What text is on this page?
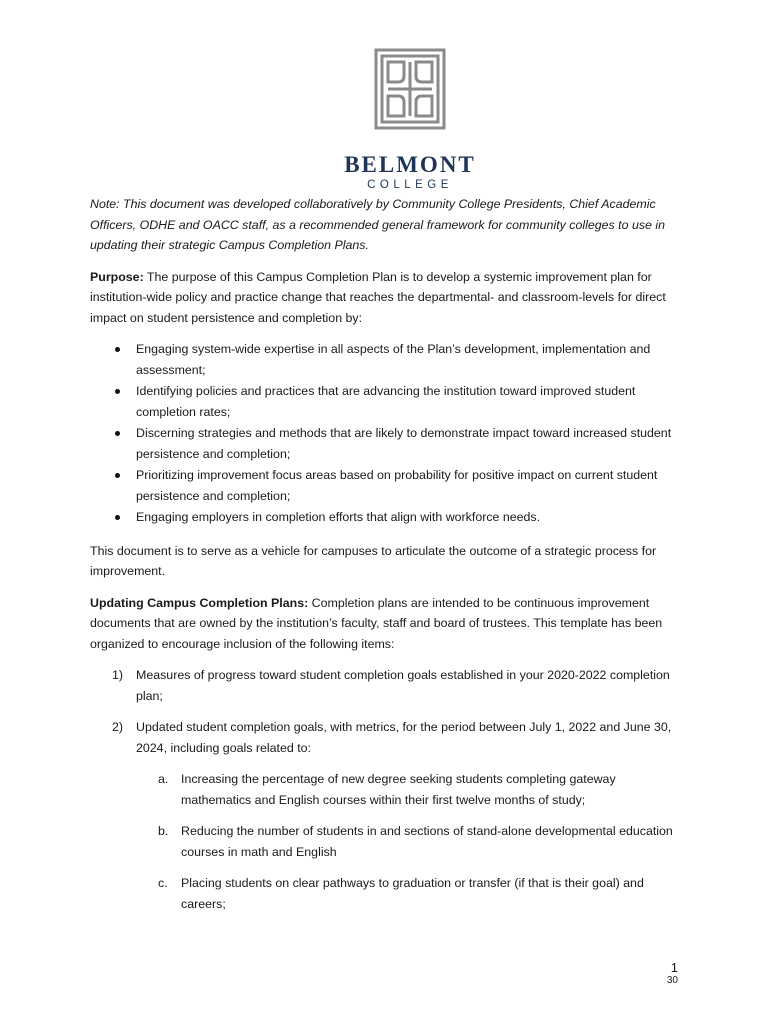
BELMONT
COLLEGE

Note: This document was developed collaboratively by Community College Presidents, Chief Academic Officers, ODHE and OACC staff, as a recommended general framework for community colleges to use in updating their strategic Campus Completion Plans.

Purpose: The purpose of this Campus Completion Plan is to develop a systemic improvement plan for institution-wide policy and practice change that reaches the departmental- and classroom-levels for direct impact on student persistence and completion by:

Engaging system-wide expertise in all aspects of the Plan’s development, implementation and assessment;
Identifying policies and practices that are advancing the institution toward improved student completion rates;
Discerning strategies and methods that are likely to demonstrate impact toward increased student persistence and completion;
Prioritizing improvement focus areas based on probability for positive impact on current student persistence and completion;
Engaging employers in completion efforts that align with workforce needs.

This document is to serve as a vehicle for campuses to articulate the outcome of a strategic process for improvement.

Updating Campus Completion Plans: Completion plans are intended to be continuous improvement documents that are owned by the institution’s faculty, staff and board of trustees. This template has been organized to encourage inclusion of the following items:

1) Measures of progress toward student completion goals established in your 2020-2022 completion plan;
2) Updated student completion goals, with metrics, for the period between July 1, 2022 and June 30, 2024, including goals related to:
a. Increasing the percentage of new degree seeking students completing gateway mathematics and English courses within their first twelve months of study;
b. Reducing the number of students in and sections of stand-alone developmental education courses in math and English
c. Placing students on clear pathways to graduation or transfer (if that is their goal) and careers;
1
30
